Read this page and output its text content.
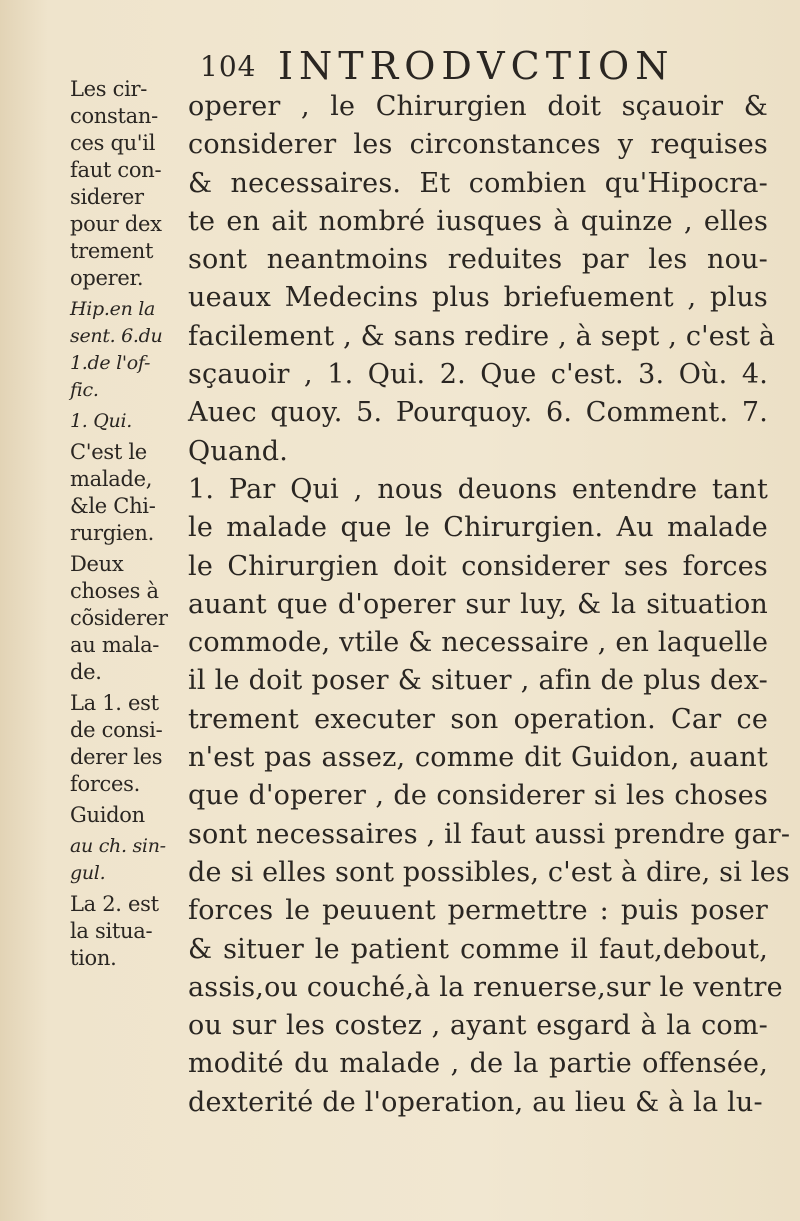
104 INTRODVCTION
Les cir-
constan-
ces qu'il
faut con-
siderer
pour dex
trement
operer.
Hip.en la
sent. 6.du
1.de l'of-
fic.
1. Qui.
C'est le
malade,
&le Chi-
rurgien.
Deux
choses à
cõsiderer
au mala-
de.
La 1. est
de consi-
derer les
forces.
Guidon
au ch. sin-
gul.
La 2. est
la situa-
tion.
operer , le Chirurgien doit sçauoir &
considerer les circonstances y requises
& necessaires. Et combien qu'Hipocra-
te en ait nombré iusques à quinze , elles
sont neantmoins reduites par les nou-
ueaux Medecins plus briefuement , plus
facilement , & sans redire , à sept , c'est à
sçauoir , 1. Qui. 2. Que c'est. 3. Où. 4.
Auec quoy. 5. Pourquoy. 6. Comment. 7.
Quand.
1. Par Qui , nous deuons entendre tant
le malade que le Chirurgien. Au malade
le Chirurgien doit considerer ses forces
auant que d'operer sur luy, & la situation
commode, vtile & necessaire , en laquelle
il le doit poser & situer , afin de plus dex-
trement executer son operation. Car ce
n'est pas assez, comme dit Guidon, auant
que d'operer , de considerer si les choses
sont necessaires , il faut aussi prendre gar-
de si elles sont possibles, c'est à dire, si les
forces le peuuent permettre : puis poser
& situer le patient comme il faut,debout,
assis,ou couché,à la renuerse,sur le ventre
ou sur les costez , ayant esgard à la com-
modité du malade , de la partie offensée,
dexterité de l'operation, au lieu & à la lu-
